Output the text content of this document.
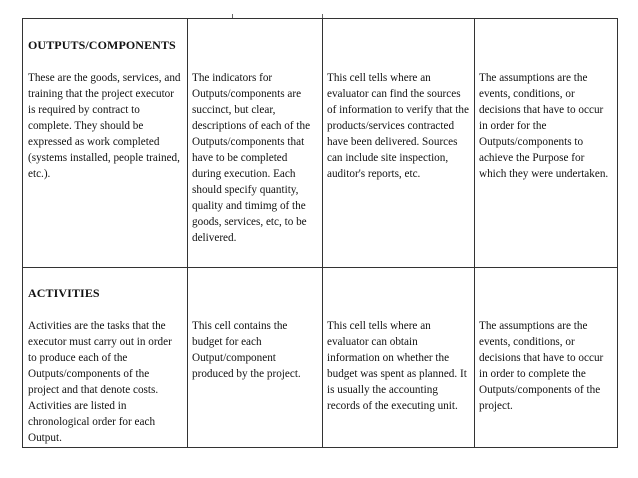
OUTPUTS/COMPONENTS
These are the goods, services, and training that the project executor is required by contract to complete. They should be expressed as work completed (systems installed, people trained, etc.).
The indicators for Outputs/components are succinct, but clear, descriptions of each of the Outputs/components that have to be completed during execution. Each should specify quantity, quality and timimg of the goods, services, etc, to be delivered.
This cell tells where an evaluator can find the sources of information to verify that the products/services contracted have been delivered. Sources can include site inspection, auditor's reports, etc.
The assumptions are the events, conditions, or decisions that have to occur in order for the Outputs/components to achieve the Purpose for which they were undertaken.
ACTIVITIES
Activities are the tasks that the executor must carry out in order to produce each of the Outputs/components of the project and that denote costs. Activities are listed in chronological order for each Output.
This cell contains the budget for each Output/component produced by the project.
This cell tells where an evaluator can obtain information on whether the budget was spent as planned. It is usually the accounting records of the executing unit.
The assumptions are the events, conditions, or decisions that have to occur in order to complete the Outputs/components of the project.
